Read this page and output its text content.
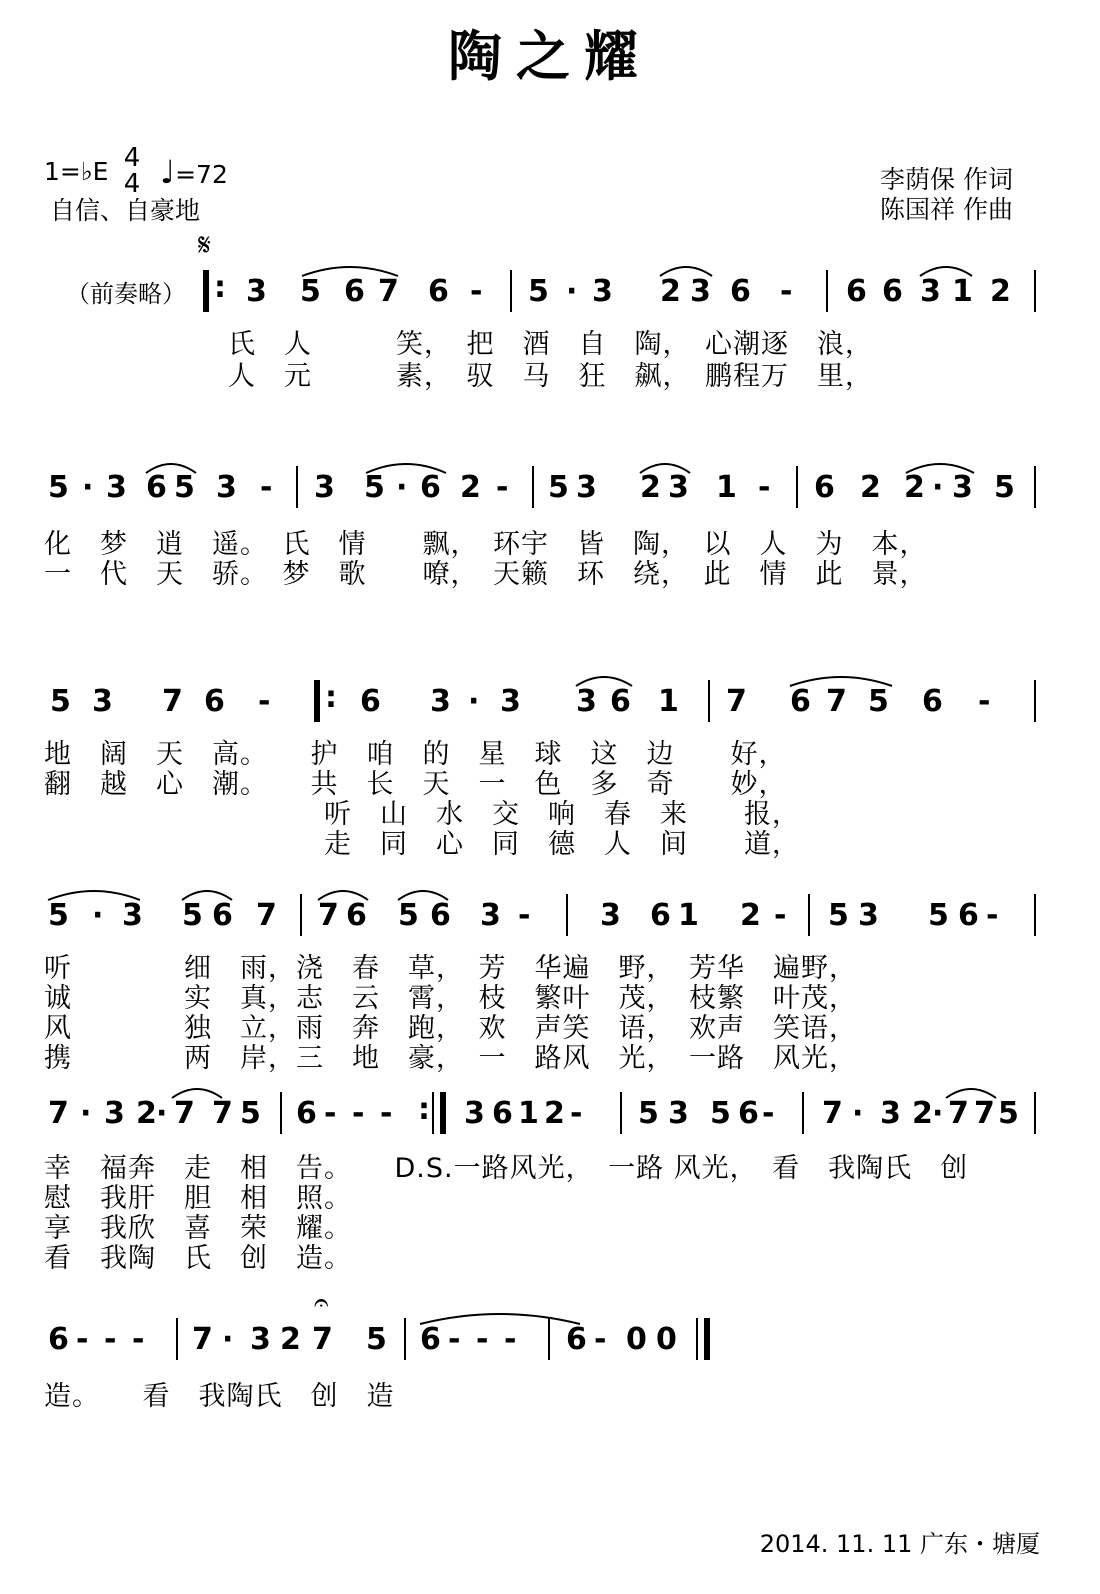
陶之耀
1=♭E 4
4 ♩=72
自信、自豪地
李荫保 作词
陈国祥 作曲
𝄋
（前奏略） : 3 5 6 7 6 - 5 · 3 2 3 6 - 6 6 3 1 2
　氏　人　　　笑，　把　酒　自　陶，　心潮逐　浪，
　人　元　　　素，　驭　马　狂　飙，　鹏程万　里，
5 · 3 6 5 3 - 3 5 · 6 2 - 5 3 2 3 1 - 6 2 2 · 3 5
化　梦　逍　遥。　氏　情　　飘，　环宇　皆　陶，　以　人　为　本，
一　代　天　骄。　梦　歌　　嘹，　天籁　环　绕，　此　情　此　景，
5 3 7 6 - : 6 3 · 3 3 6 1 7 6 7 5 6 -
地　阔　天　高。　　护　咱　的　星　球　这　边　　好，
翻　越　心　潮。　　共　长　天　一　色　多　奇　　妙，
　　　　　　　　　　听　山　水　交　响　春　来　　报，
　　　　　　　　　　走　同　心　同　德　人　间　　道，
5 · 3 5 6 7 7 6 5 6 3 - 3 6 1 2 - 5 3 5 6 -
听　　　　细　雨，浇　春　草，　芳　华遍　野，　芳华　遍野，
诚　　　　实　真，志　云　霄，　枝　繁叶　茂，　枝繁　叶茂，
风　　　　独　立，雨　奔　跑，　欢　声笑　语，　欢声　笑语，
携　　　　两　岸，三　地　豪，　一　路风　光，　一路　风光，
7 · 3 2 · 7 7 5 6 - - - : 3 6 1 2 - 5 3 5 6 - 7 · 3 2 · 7 7 5
幸　福奔　走　相　告。　　D.S.一路风光，　一路 风光，　看　我陶氏　创
慰　我肝　胆　相　照。
享　我欣　喜　荣　耀。
看　我陶　氏　创　造。
𝄐
6 - - - 7 · 3 2 7 5 6 - - - 6 - 0 0
造。　　看　我陶氏　创　造
2014. 11. 11 广东・塘厦
